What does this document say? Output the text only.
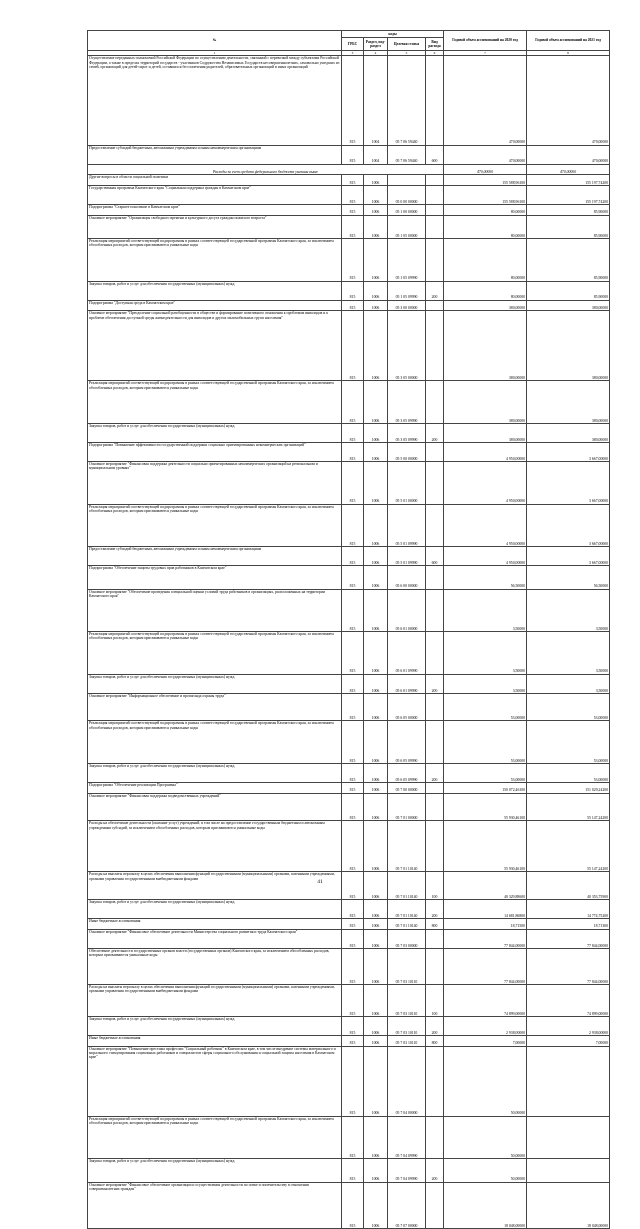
№	коды				Годовой объем ассигнований на 2020 год	Годовой объем ассигнований на 2021 год
	ГРБС	Раздел, под-раздел	Целевая статья	Вид расхода		
1	3	4	5	6	7	8
Осуществление переданных полномочий Российской Федерации по осуществлению деятельности, связанной с перевозкой между субъектами Российской Федерации, а также в пределах территорий государств - участников Содружества Независимых Государств несовершеннолетних, самовольно ушедших из семей, организаций для детей-сирот и детей, оставшихся без попечения родителей, образовательных организаций и иных организаций	815	1004	05 7 06 59440		470,00000	470,00000
Предоставление субсидий бюджетным, автономным учреждениям и иным некоммерческим организациям	815	1004	05 7 06 59440	600	470,00000	470,00000
Расходы за счет средств федерального бюджета указаны выше					470,00000	470,00000
Другие вопросы в области социальной политики	815	1006			155 588,96100	155 197,74200
Государственная программа Камчатского края "Социальная поддержка граждан в Камчатском крае"	815	1006	05 0 00 00000		155 588,96100	155 197,74200
Подпрограмма "Старшее поколение в Камчатском крае"	815	1006	05 1 00 00000		80,00000	85,90000
Основное мероприятие "Организация свободного времени и культурного досуга граждан пожилого возраста"	815	1006	05 1 05 00000		80,00000	85,90000
Реализация мероприятий соответствующей подпрограммы в рамках соответствующей государственной программы Камчатского края, за исключением обособленных расходов, которым присваиваются уникальные коды	815	1006	05 1 05 09990		80,00000	85,90000
Закупка товаров, работ и услуг для обеспечения государственных (муниципальных) нужд	815	1006	05 1 05 09990	200	80,00000	85,90000
Подпрограмма "Доступная среда в Камчатском крае"	815	1006	05 3 00 00000		380,00000	380,00000
Основное мероприятие "Преодоление социальной разобщенности в обществе и формирование позитивного отношения к проблемам инвалидов и к проблеме обеспечения доступной среды жизнедеятельности для инвалидов и других маломобильных групп населения"	815	1006	05 3 05 00000		380,00000	380,00000
Реализация мероприятий соответствующей подпрограммы в рамках соответствующей государственной программы Камчатского края, за исключением обособленных расходов, которым присваиваются уникальные коды	815	1006	05 3 05 09990		380,00000	380,00000
Закупка товаров, работ и услуг для обеспечения государственных (муниципальных) нужд	815	1006	05 3 05 09990	200	380,00000	380,00000
Подпрограмма "Повышение эффективности государственной поддержки социально ориентированных некоммерческих организаций"	815	1006	05 5 00 00000		4 950,00000	3 667,00000
Основное мероприятие "Финансовая поддержка деятельности социально ориентированных некоммерческих организаций на региональном и муниципальном уровнях"	815	1006	05 5 01 00000		4 950,00000	3 667,00000
Реализация мероприятий соответствующей подпрограммы в рамках соответствующей государственной программы Камчатского края, за исключением обособленных расходов, которым присваиваются уникальные коды	815	1006	05 5 01 09990		4 950,00000	3 667,00000
Предоставление субсидий бюджетным, автономным учреждениям и иным некоммерческим организациям	815	1006	05 5 01 09990	600	4 950,00000	3 667,00000
Подпрограмма "Обеспечение защиты трудовых прав работников в Камчатском крае"	815	1006	05 6 00 00000		56,50000	56,50000
Основное мероприятие "Обеспечение проведения специальной оценки условий труда работников в организациях, расположенных на территории Камчатского края"	815	1006	05 6 01 00000		3,50000	3,50000
Реализация мероприятий соответствующей подпрограммы в рамках соответствующей государственной программы Камчатского края, за исключением обособленных расходов, которым присваиваются уникальные коды	815	1006	05 6 01 09990		3,50000	3,50000
Закупка товаров, работ и услуг для обеспечения государственных (муниципальных) нужд	815	1006	05 6 01 09990	200	3,50000	3,50000
Основное мероприятие "Информационное обеспечение и пропаганда охраны труда"	815	1006	05 6 05 00000		53,00000	53,00000
Реализация мероприятий соответствующей подпрограммы в рамках соответствующей государственной программы Камчатского края, за исключением обособленных расходов, которым присваиваются уникальные коды	815	1006	05 6 05 09990		53,00000	53,00000
Закупка товаров, работ и услуг для обеспечения государственных (муниципальных) нужд	815	1006	05 6 05 09990	200	53,00000	53,00000
Подпрограмма "Обеспечение реализации Программы"	815	1006	05 7 00 00000		150 072,46100	151 029,24200
Основное мероприятие "Финансовая поддержка подведомственных учреждений"	815	1006	05 7 01 00000		55 930,46100	55 147,24200
Расходы на обеспечение деятельности (оказание услуг) учреждений, в том числе на предоставление государственным бюджетным и автономным учреждениям субсидий, за исключением обособленных расходов, которым присваиваются уникальные коды	815	1006	05 7 01 10140		55 930,46100	55 147,24200
Расходы на выплаты персоналу в целях обеспечения выполнения функций государственными (муниципальными) органами, казенными учреждениями, органами управления государственными внебюджетными фондами	815	1006	05 7 01 10140	100	40 329,88600	40 353,75900
Закупка товаров, работ и услуг для обеспечения государственных (муниципальных) нужд	815	1006	05 7 01 10140	200	14 681,86800	14 774,75200
Иные бюджетные ассигнования	815	1006	05 7 01 10140	800	18,71500	18,71300
Основное мероприятие "Финансовое обеспечение деятельности Министерства социального развития и труда Камчатского края"	815	1006	05 7 03 00000		77 844,00000	77 844,00000
Обеспечение деятельности государственных органов власти (государственных органов) Камчатского края, за исключением обособленных расходов, которым присваиваются уникальные коды	815	1006	05 7 03 10110		77 844,00000	77 844,00000
Расходы на выплаты персоналу в целях обеспечения выполнения функций государственными (муниципальными) органами, казенными учреждениями, органами управления государственными внебюджетными фондами	815	1006	05 7 03 10110	100	74 899,00000	74 899,00000
Закупка товаров, работ и услуг для обеспечения государственных (муниципальных) нужд	815	1006	05 7 03 10110	200	2 938,00000	2 938,00000
Иные бюджетные ассигнования	815	1006	05 7 03 10110	800	7,00000	7,00000
Основное мероприятие "Повышение престижа профессии "Социальный работник" в Камчатском крае, в том числе внедрение системы материального и морального стимулирования социальных работников и специалистов сферы социального обслуживания и социальной защиты населения в Камчатском крае"	815	1006	05 7 04 00000		50,00000	
Реализация мероприятий соответствующей подпрограммы в рамках соответствующей государственной программы Камчатского края, за исключением обособленных расходов, которым присваиваются уникальные коды	815	1006	05 7 04 09990		50,00000	
Закупка товаров, работ и услуг для обеспечения государственных (муниципальных) нужд	815	1006	05 7 04 09990	200	50,00000	
Основное мероприятие "Финансовое обеспечение организации и осуществления деятельности по опеке и попечительству в отношении совершеннолетних граждан"	815	1006	05 7 07 00000		18 048,00000	18 048,00000
41
